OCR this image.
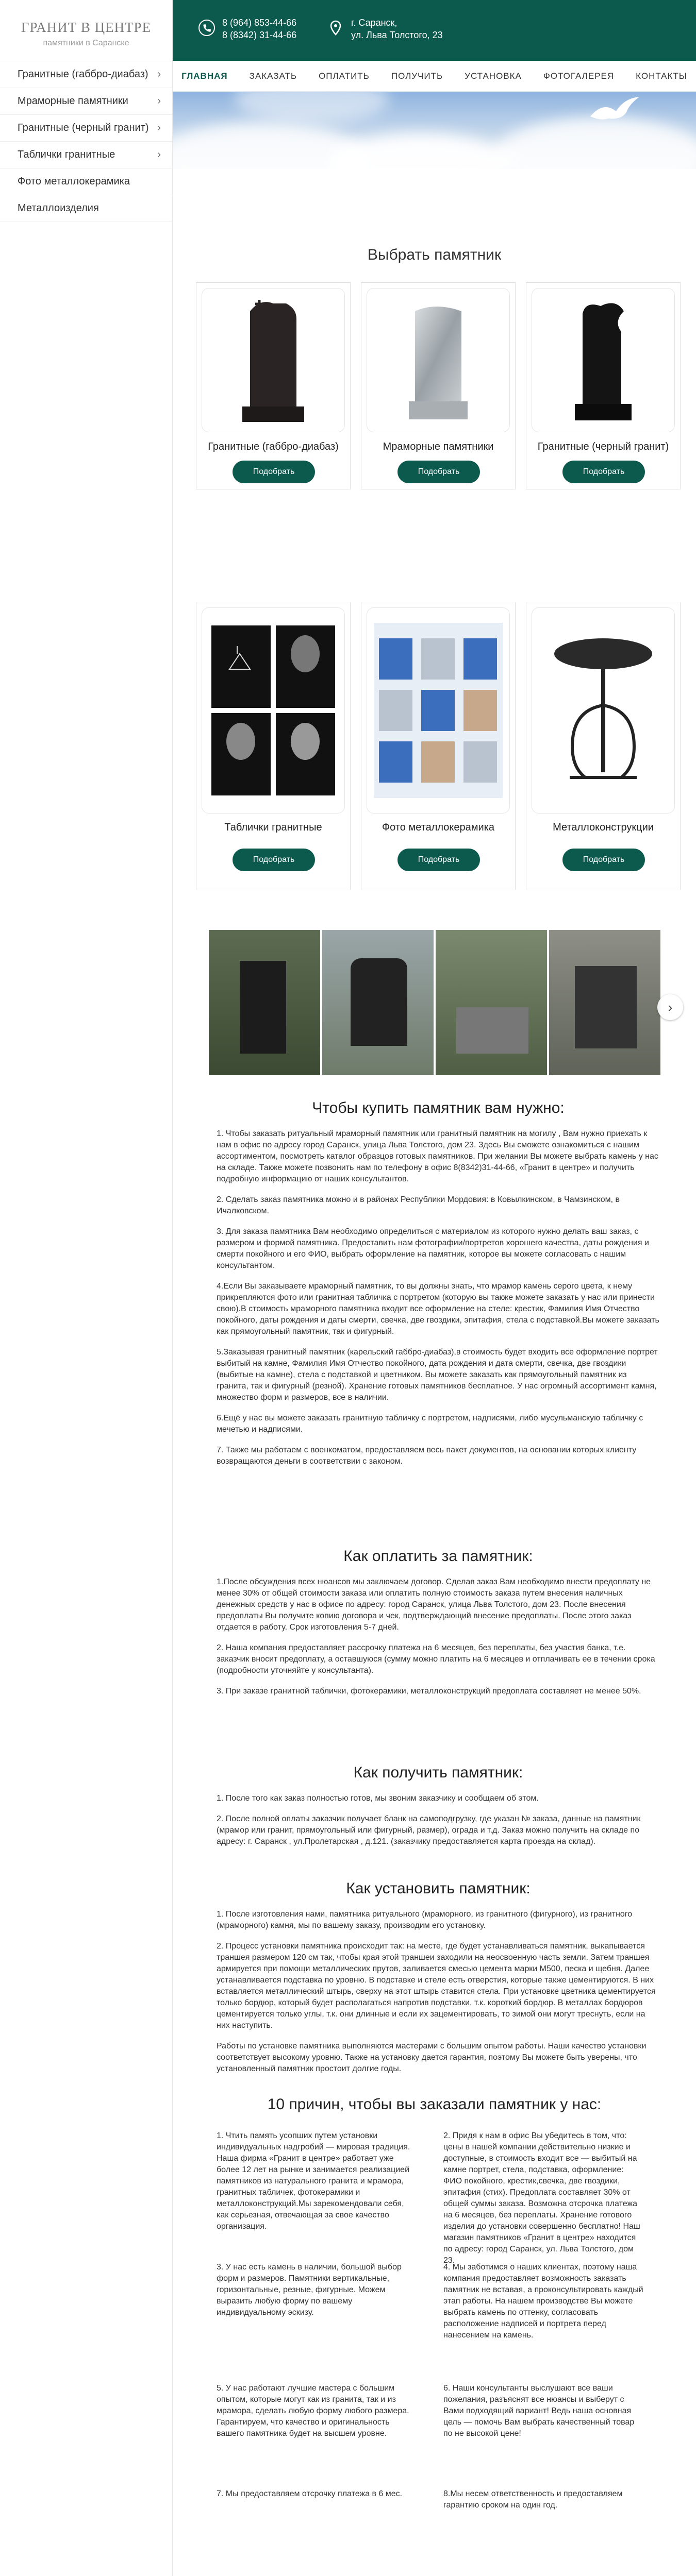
ГРАНИТ В ЦЕНТРЕ
памятники в Саранске
Гранитные (габбро-диабаз) ›
Мраморные памятники	›
Гранитные (черный гранит) ›
Таблички гранитные	›
Фото металлокерамика
Металлоизделия
8 (964) 853-44-66
8 (8342) 31-44-66
г. Саранск,
ул. Льва Толстого, 23
ГЛАВНАЯ ЗАКАЗАТЬ ОПЛАТИТЬ ПОЛУЧИТЬ УСТАНОВКА ФОТОГАЛЕРЕЯ КОНТАКТЫ
Выбрать памятник
Гранитные (габбро-диабаз)
Подобрать
Мраморные памятники
Подобрать
Гранитные (черный гранит)
Подобрать
Таблички гранитные
Подобрать
Фото металлокерамика
Подобрать
Металлоконструкции
Подобрать
›
Чтобы купить памятник вам нужно:

1. Чтобы заказать ритуальный мраморный памятник или гранитный памятник на могилу , Вам нужно приехать к нам в офис по адресу город Саранск, улица Льва Толстого, дом 23. Здесь Вы сможете ознакомиться с нашим ассортиментом, посмотреть каталог образцов готовых памятников. При желании Вы можете выбрать камень у нас на складе. Также можете позвонить нам по телефону в офис 8(8342)31-44-66, «Гранит в центре» и получить подробную информацию от наших консультантов.

2. Сделать заказ памятника можно и в районах Республики Мордовия: в Ковылкинском, в Чамзинском, в Ичалковском.

3. Для заказа памятника Вам необходимо определиться с материалом из которого нужно делать ваш заказ, с размером и формой памятника. Предоставить нам фотографии/портретов хорошего качества, даты рождения и смерти покойного и его ФИО, выбрать оформление на памятник, которое вы можете согласовать с нашим консультантом.

4.Если Вы заказываете мраморный памятник, то вы должны знать, что мрамор камень серого цвета, к нему прикрепляются фото или гранитная табличка с портретом (которую вы также можете заказать у нас или принести свою).В стоимость мраморного памятника входит все оформление на стеле: крестик, Фамилия Имя Отчество покойного, даты рождения и даты смерти, свечка, две гвоздики, эпитафия, стела с подставкой.Вы можете заказать как прямоугольный памятник, так и фигурный.

5.Заказывая гранитный памятник (карельский габбро-диабаз),в стоимость будет входить все оформление портрет выбитый на камне, Фамилия Имя Отчество покойного, дата рождения и дата смерти, свечка, две гвоздики (выбитые на камне), стела с подставкой и цветником. Вы можете заказать как прямоугольный памятник из гранита, так и фигурный (резной). Хранение готовых памятников бесплатное. У нас огромный ассортимент камня, множество форм и размеров, все в наличии.

6.Ещё у нас вы можете заказать гранитную табличку с портретом, надписями, либо мусульманскую табличку с мечетью и надписями.

7. Также мы работаем с военкоматом, предоставляем весь пакет документов, на основании которых клиенту возвращаются деньги в соответствии с законом.

Как оплатить за памятник:

1.После обсуждения всех нюансов мы заключаем договор. Сделав заказ Вам необходимо внести предоплату не менее 30% от общей стоимости заказа или оплатить полную стоимость заказа путем внесения наличных денежных средств у нас в офисе по адресу: город Саранск, улица Льва Толстого, дом 23. После внесения предоплаты Вы получите копию договора и чек, подтверждающий внесение предоплаты. После этого заказ отдается в работу. Срок изготовления 5-7 дней.

2. Наша компания предоставляет рассрочку платежа на 6 месяцев, без переплаты, без участия банка, т.е. заказчик вносит предоплату, а оставшуюся (сумму можно платить на 6 месяцев и отплачивать ее в течении срока (подробности уточняйте у консультанта).

3. При заказе гранитной таблички, фотокерамики, металлоконструкций предоплата составляет не менее 50%.

Как получить памятник:

1. После того как заказ полностью готов, мы звоним заказчику и сообщаем об этом.

2. После полной оплаты заказчик получает бланк на самоподгрузку, где указан № заказа, данные на памятник (мрамор или гранит, прямоугольный или фигурный, размер), ограда и т.д. Заказ можно получить на складе по адресу: г. Саранск , ул.Пролетарская , д.121. (заказчику предоставляется карта проезда на склад).

Как установить памятник:

1. После изготовления нами, памятника ритуального (мраморного, из гранитного (фигурного), из гранитного (мраморного) камня, мы по вашему заказу, производим его установку.

2. Процесс установки памятника происходит так: на месте, где будет устанавливаться памятник, выкапывается траншея размером 120 см так, чтобы края этой траншеи заходили на неосвоенную часть земли. Затем траншея армируется при помощи металлических прутов, заливается смесью цемента марки М500, песка и щебня. Далее устанавливается подставка по уровню. В подставке и стеле есть отверстия, которые также цементируются. В них вставляется металлический штырь, сверху на этот штырь ставится стела. При установке цветника цементируется только бордюр, который будет располагаться напротив подставки, т.к. короткий бордюр. В металлах бордюров цементируется только углы, т.к. они длинные и если их зацементировать, то зимой они могут треснуть, если на них наступить.

Работы по установке памятника выполняются мастерами с большим опытом работы. Наши качество установки соответствует высокому уровню. Также на установку дается гарантия, поэтому Вы можете быть уверены, что установленный памятник простоит долгие годы.

10 причин, чтобы вы заказали памятник у нас:
1. Чтить память усопших путем установки индивидуальных надгробий — мировая традиция. Наша фирма «Гранит в центре» работает уже более 12 лет на рынке и занимается реализацией памятников из натурального гранита и мрамора, гранитных табличек, фотокерамики и металлоконструкций.Мы зарекомендовали себя, как серьезная, отвечающая за свое качество организация.
2. Придя к нам в офис Вы убедитесь в том, что: цены в нашей компании действительно низкие и доступные, в стоимость входит все — выбитый на камне портрет, стела, подставка, оформление: ФИО покойного, крестик,свечка, две гвоздики, эпитафия (стих). Предоплата составляет 30% от общей суммы заказа. Возможна отсрочка платежа на 6 месяцев, без переплаты. Хранение готового изделия до установки совершенно бесплатно! Наш магазин памятников «Гранит в центре» находится по адресу: город Саранск, ул. Льва Толстого, дом 23.
3. У нас есть камень в наличии, большой выбор форм и размеров. Памятники вертикальные, горизонтальные, резные, фигурные. Можем выразить любую форму по вашему индивидуальному эскизу.
4. Мы заботимся о наших клиентах, поэтому наша компания предоставляет возможность заказать памятник не вставая, а проконсультировать каждый этап работы. На нашем производстве Вы можете выбрать камень по оттенку, согласовать расположение надписей и портрета перед нанесением на камень.
5. У нас работают лучшие мастера с большим опытом, которые могут как из гранита, так и из мрамора, сделать любую форму любого размера. Гарантируем, что качество и оригинальность вашего памятника будет на высшем уровне.
6. Наши консультанты выслушают все ваши пожелания, разъяснят все нюансы и выберут с Вами подходящий вариант! Ведь наша основная цель — помочь Вам выбрать качественный товар по не высокой цене!
7. Мы предоставляем отсрочку платежа в 6 мес.	8.Мы несем ответственность и предоставляем гарантию сроком на один год.
